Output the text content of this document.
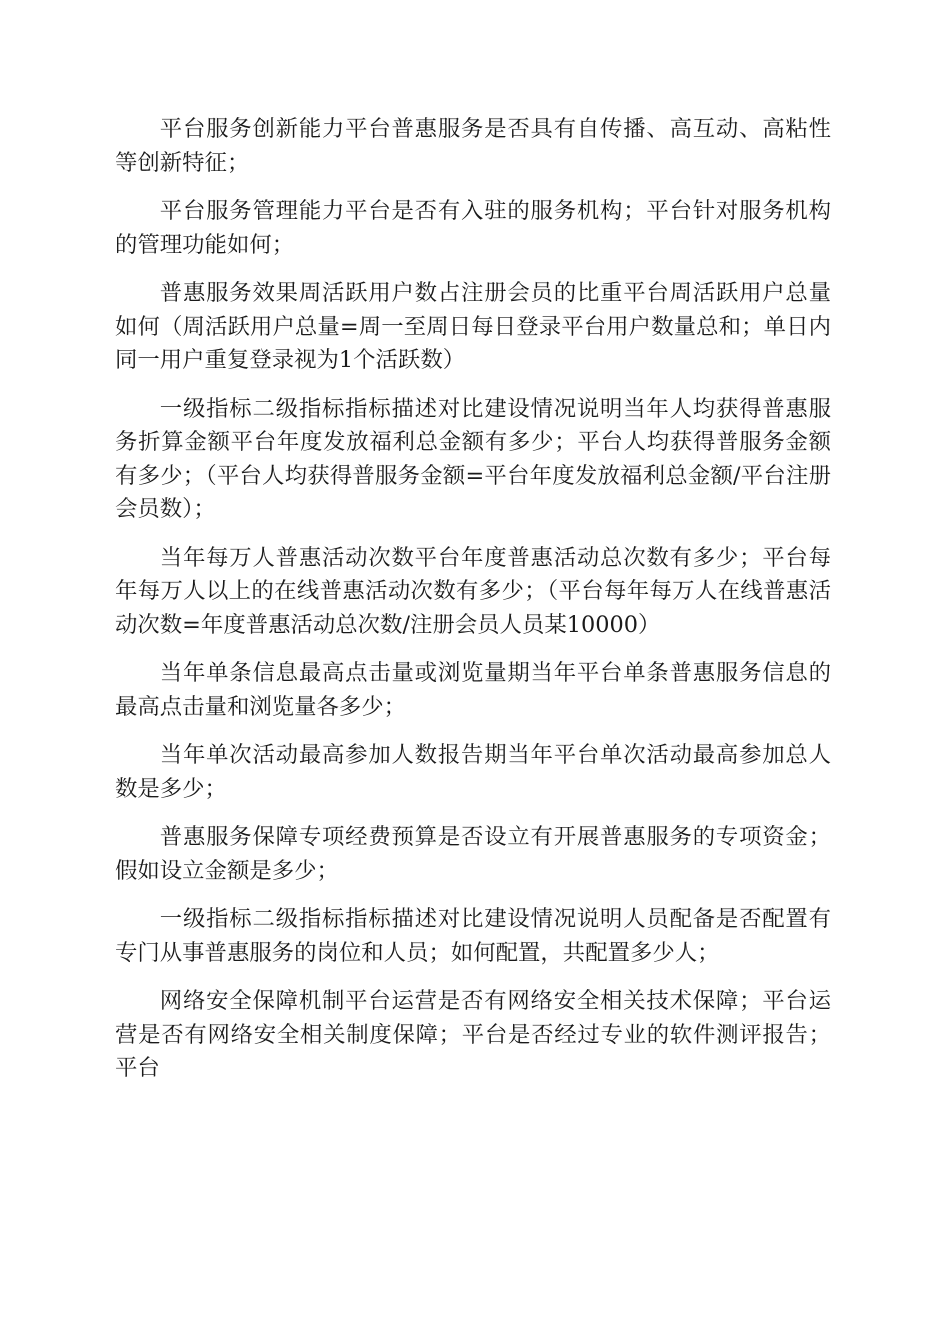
平台服务创新能力平台普惠服务是否具有自传播、高互动、高粘性等创新特征；

平台服务管理能力平台是否有入驻的服务机构；平台针对服务机构的管理功能如何；

普惠服务效果周活跃用户数占注册会员的比重平台周活跃用户总量如何（周活跃用户总量=周一至周日每日登录平台用户数量总和；单日内同一用户重复登录视为1个活跃数）

一级指标二级指标指标描述对比建设情况说明当年人均获得普惠服务折算金额平台年度发放福利总金额有多少；平台人均获得普服务金额有多少；（平台人均获得普服务金额=平台年度发放福利总金额/平台注册会员数）；

当年每万人普惠活动次数平台年度普惠活动总次数有多少；平台每年每万人以上的在线普惠活动次数有多少；（平台每年每万人在线普惠活动次数=年度普惠活动总次数/注册会员人员某10000）

当年单条信息最高点击量或浏览量期当年平台单条普惠服务信息的最高点击量和浏览量各多少；

当年单次活动最高参加人数报告期当年平台单次活动最高参加总人数是多少；

普惠服务保障专项经费预算是否设立有开展普惠服务的专项资金；假如设立金额是多少；

一级指标二级指标指标描述对比建设情况说明人员配备是否配置有专门从事普惠服务的岗位和人员；如何配置，共配置多少人；

网络安全保障机制平台运营是否有网络安全相关技术保障；平台运营是否有网络安全相关制度保障；平台是否经过专业的软件测评报告；平台
